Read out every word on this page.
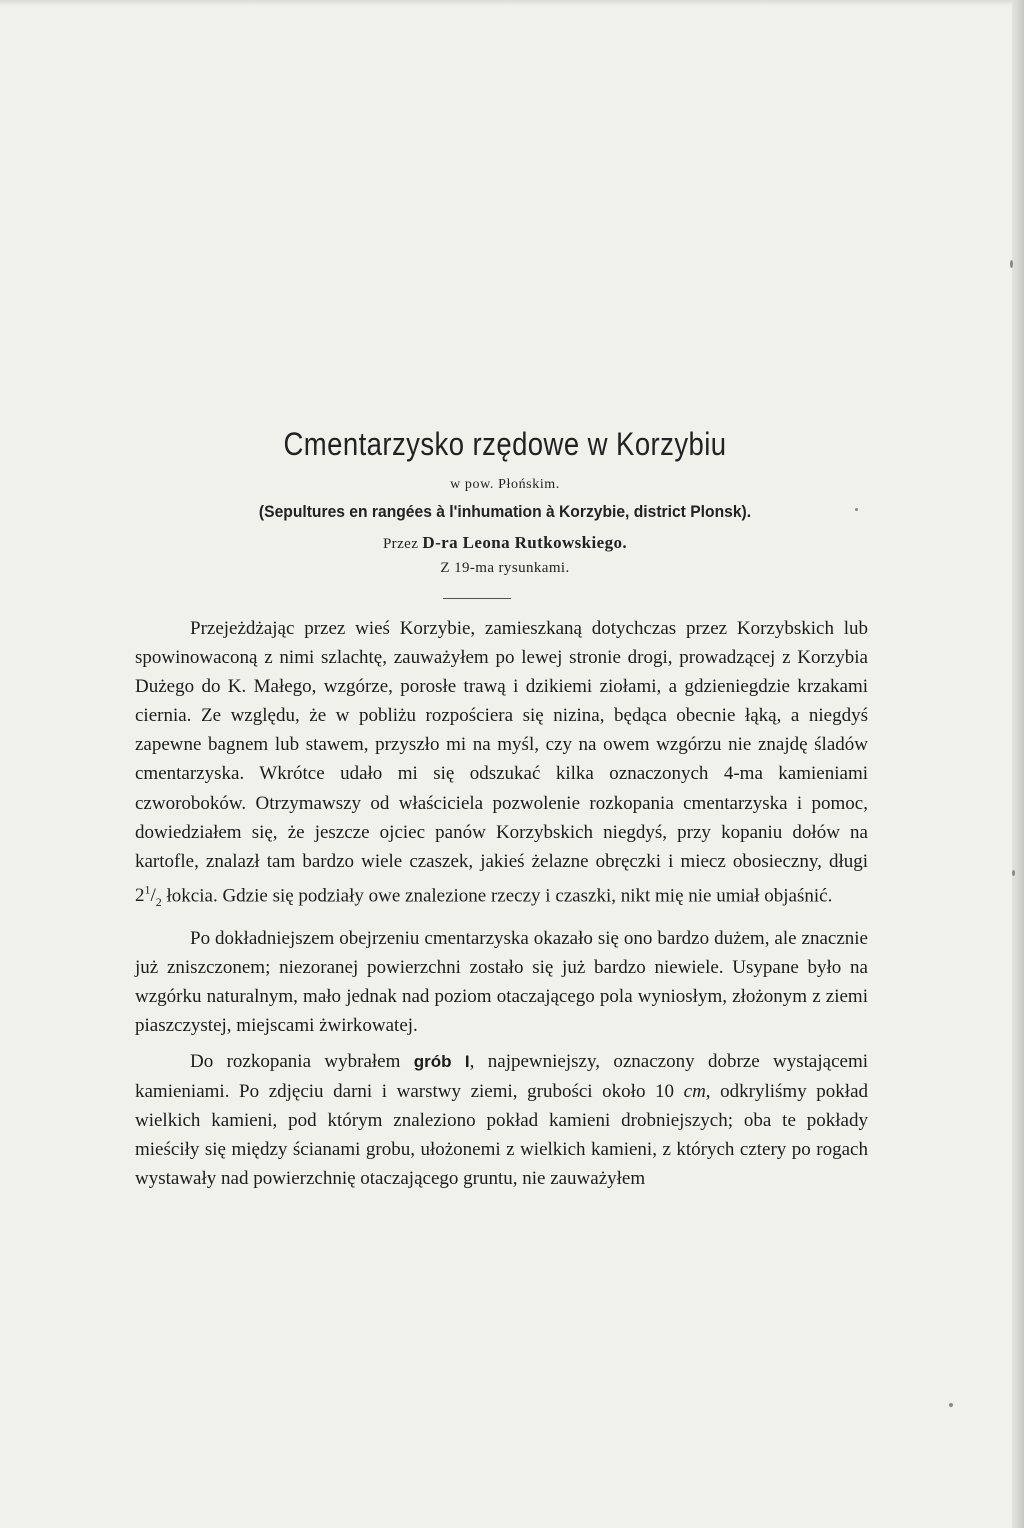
Cmentarzysko rzędowe w Korzybiu
w pow. Płońskim.
(Sepultures en rangées à l'inhumation à Korzybie, district Plonsk).
Przez D-ra Leona Rutkowskiego.
Z 19-ma rysunkami.

Przejeżdżając przez wieś Korzybie, zamieszkaną dotychczas przez Korzybskich lub spowinowaconą z nimi szlachtę, zauważyłem po lewej stronie drogi, prowadzącej z Korzybia Dużego do K. Małego, wzgórze, porosłe trawą i dzikiemi ziołami, a gdzieniegdzie krzakami ciernia. Ze względu, że w pobliżu rozpościera się nizina, będąca obecnie łąką, a niegdyś zapewne bagnem lub stawem, przyszło mi na myśl, czy na owem wzgórzu nie znajdę śladów cmentarzyska. Wkrótce udało mi się odszukać kilka oznaczonych 4-ma kamieniami czworoboków. Otrzymawszy od właściciela pozwolenie rozkopania cmentarzyska i pomoc, dowiedziałem się, że jeszcze ojciec panów Korzybskich niegdyś, przy kopaniu dołów na kartofle, znalazł tam bardzo wiele czaszek, jakieś żelazne obręczki i miecz obosieczny, długi $2^1/_2$ łokcia. Gdzie się podziały owe znalezione rzeczy i czaszki, nikt mię nie umiał objaśnić.

Po dokładniejszem obejrzeniu cmentarzyska okazało się ono bardzo dużem, ale znacznie już zniszczonem; niezoranej powierzchni zostało się już bardzo niewiele. Usypane było na wzgórku naturalnym, mało jednak nad poziom otaczającego pola wyniosłym, złożonym z ziemi piaszczystej, miejscami żwirkowatej.

Do rozkopania wybrałem grób I, najpewniejszy, oznaczony dobrze wystającemi kamieniami. Po zdjęciu darni i warstwy ziemi, grubości około 10 cm, odkryliśmy pokład wielkich kamieni, pod którym znaleziono pokład kamieni drobniejszych; oba te pokłady mieściły się między ścianami grobu, ułożonemi z wielkich kamieni, z których cztery po rogach wystawały nad powierzchnię otaczającego gruntu, nie zauważyłem
